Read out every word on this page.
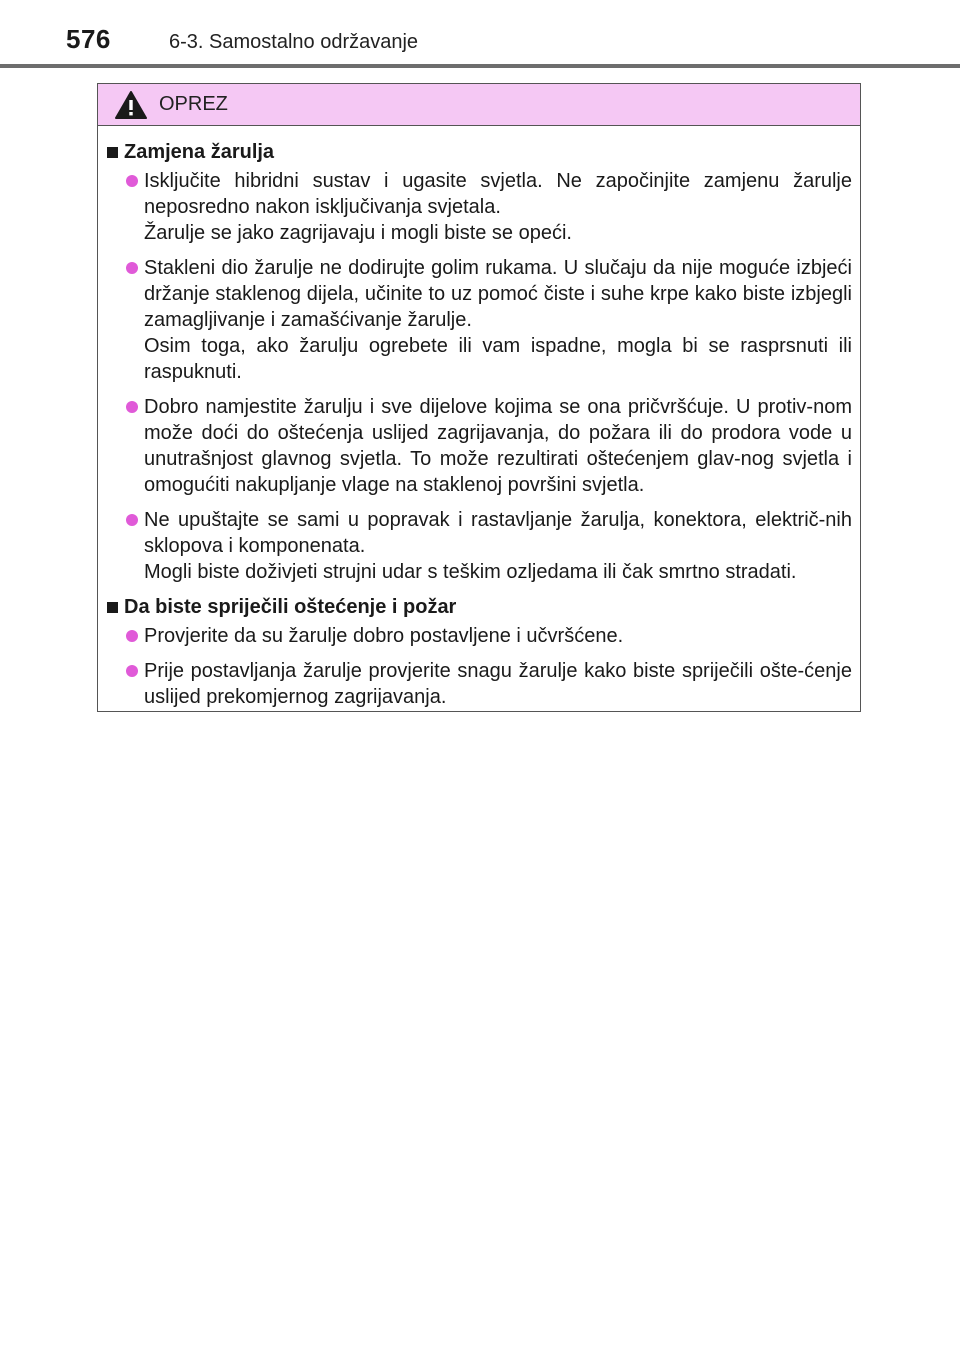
576	6-3. Samostalno održavanje
OPREZ
Zamjena žarulja
Isključite hibridni sustav i ugasite svjetla. Ne započinjite zamjenu žarulje neposredno nakon isključivanja svjetala.
Žarulje se jako zagrijavaju i mogli biste se opeći.
Stakleni dio žarulje ne dodirujte golim rukama. U slučaju da nije moguće izbjeći držanje staklenog dijela, učinite to uz pomoć čiste i suhe krpe kako biste izbjegli zamagljivanje i zamašćivanje žarulje.
Osim toga, ako žarulju ogrebete ili vam ispadne, mogla bi se rasprsnuti ili raspuknuti.
Dobro namjestite žarulju i sve dijelove kojima se ona pričvršćuje. U protiv-nom može doći do oštećenja uslijed zagrijavanja, do požara ili do prodora vode u unutrašnjost glavnog svjetla. To može rezultirati oštećenjem glav-nog svjetla i omogućiti nakupljanje vlage na staklenoj površini svjetla.
Ne upuštajte se sami u popravak i rastavljanje žarulja, konektora, električ-nih sklopova i komponenata.
Mogli biste doživjeti strujni udar s teškim ozljedama ili čak smrtno stradati.
Da biste spriječili oštećenje i požar
Provjerite da su žarulje dobro postavljene i učvršćene.
Prije postavljanja žarulje provjerite snagu žarulje kako biste spriječili ošte-ćenje uslijed prekomjernog zagrijavanja.
